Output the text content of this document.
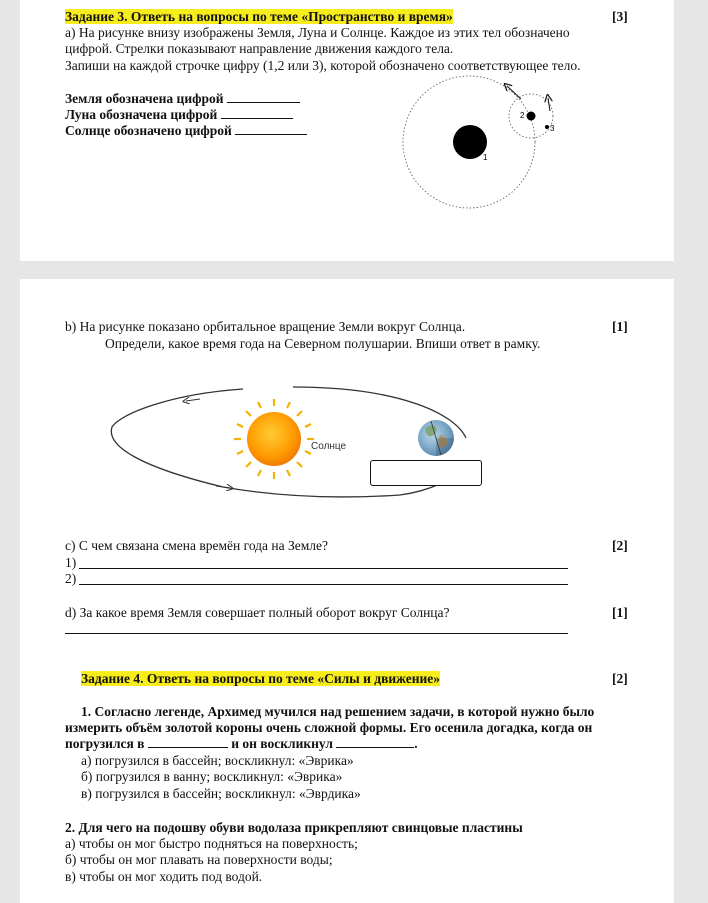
Задание 3. Ответь на вопросы по теме «Пространство и время»	[3]
а) На рисунке внизу изображены Земля, Луна и Солнце. Каждое из этих тел обозначено
цифрой. Стрелки показывают направление движения каждого тела.
Запиши на каждой строчке цифру (1,2 или 3), которой обозначено соответствующее тело.
Земля обозначена цифрой
Луна обозначена цифрой
Солнце обозначено цифрой
1
2
3
b) На рисунке показано орбитальное вращение Земли вокруг Солнца.	[1]
Определи, какое время года на Северном полушарии. Впиши ответ в рамку.
Солнце
c) С чем связана смена времён года на Земле?	[2]
1)
2)
d) За какое время Земля совершает полный оборот вокруг Солнца?	[1]
Задание 4. Ответь на вопросы по теме «Силы и движение»	[2]
1. Согласно легенде, Архимед мучился над решением задачи, в которой нужно было
измерить объём золотой короны очень сложной формы. Его осенила догадка, когда он
погрузился в	и он воскликнул	.
а) погрузился в бассейн; воскликнул: «Эврика»
б) погрузился в ванну; воскликнул: «Эврика»
в) погрузился в бассейн; воскликнул: «Эврдика»
2. Для чего на подошву обуви водолаза прикрепляют свинцовые пластины
а) чтобы он мог быстро подняться на поверхность;
б) чтобы он мог плавать на поверхности воды;
в) чтобы он мог ходить под водой.
